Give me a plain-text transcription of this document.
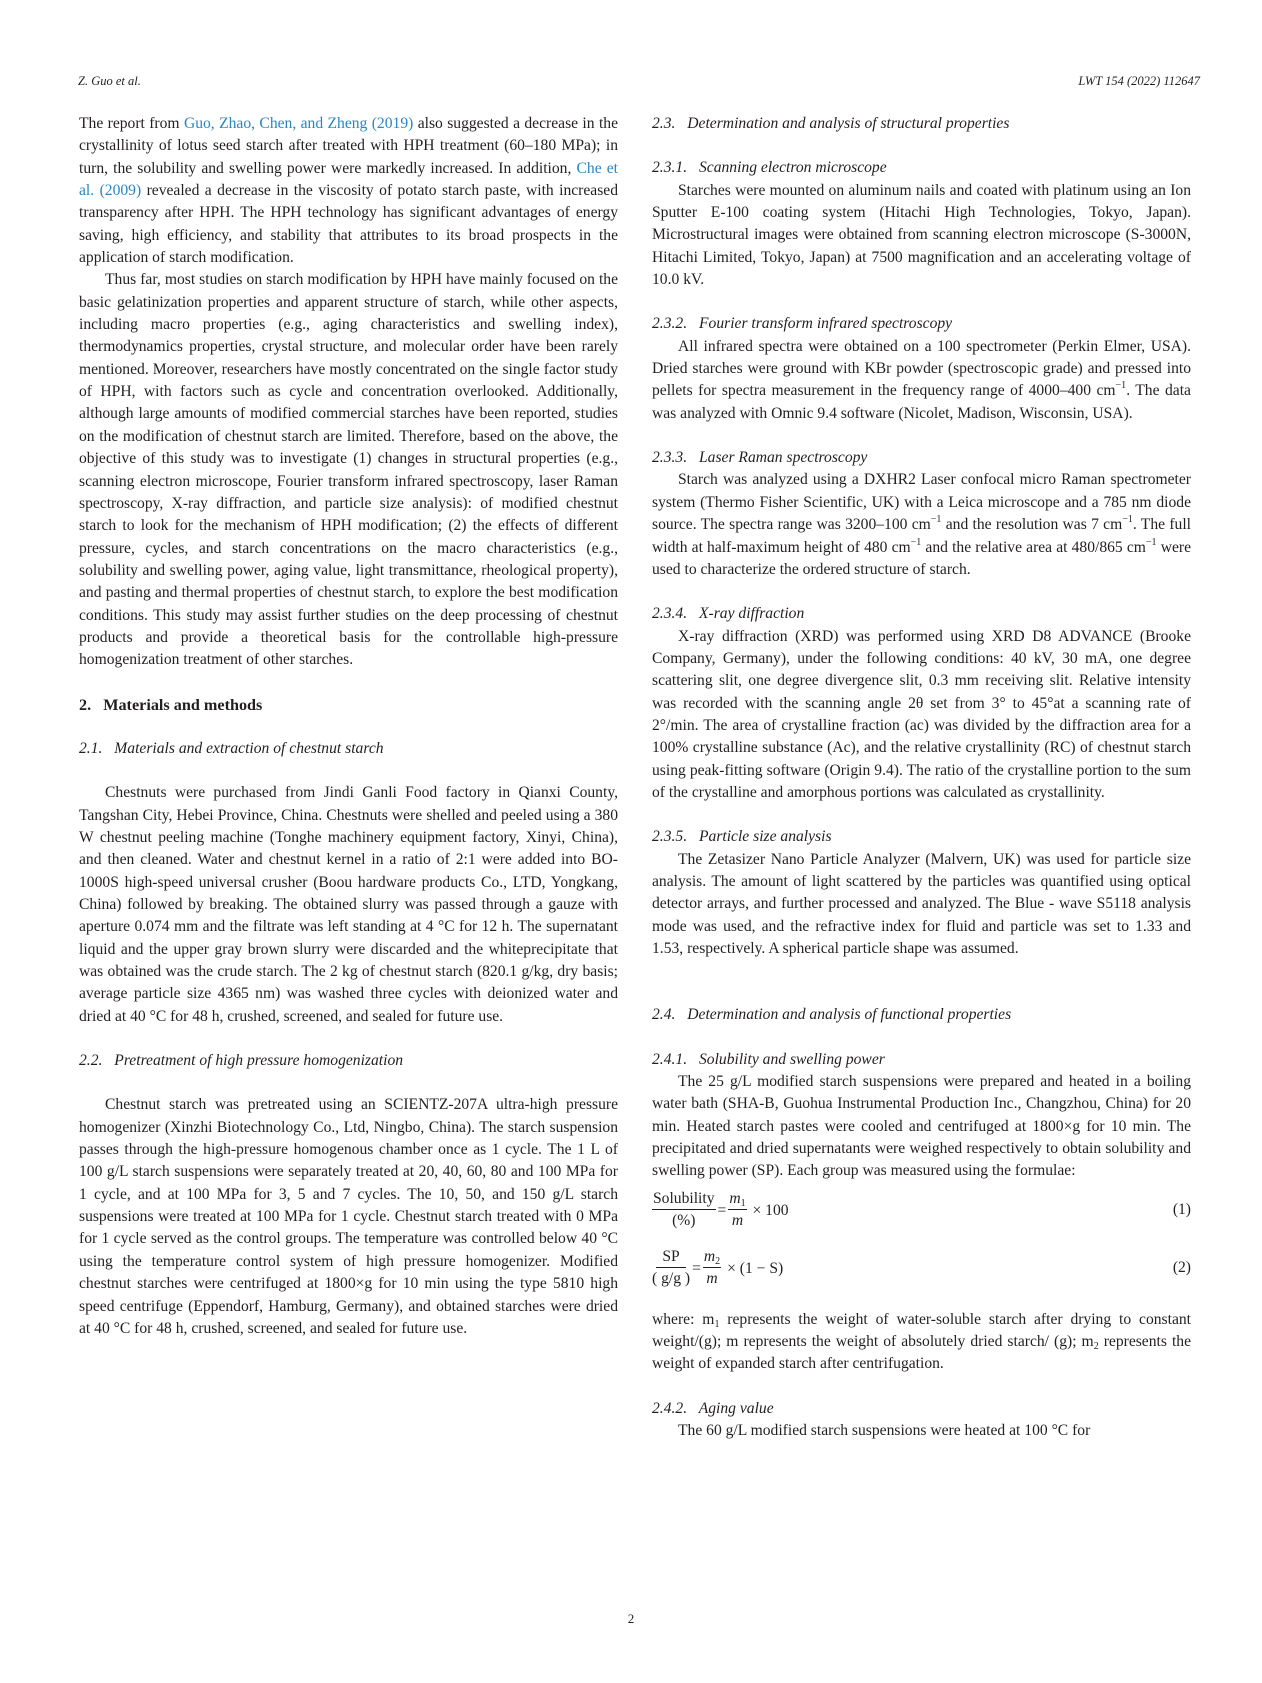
Z. Guo et al.	LWT 154 (2022) 112647

The report from Guo, Zhao, Chen, and Zheng (2019) also suggested a decrease in the crystallinity of lotus seed starch after treated with HPH treatment (60–180 MPa); in turn, the solubility and swelling power were markedly increased. In addition, Che et al. (2009) revealed a decrease in the viscosity of potato starch paste, with increased transparency after HPH. The HPH technology has significant advantages of energy saving, high efficiency, and stability that attributes to its broad prospects in the application of starch modification.

Thus far, most studies on starch modification by HPH have mainly focused on the basic gelatinization properties and apparent structure of starch, while other aspects, including macro properties (e.g., aging characteristics and swelling index), thermodynamics properties, crystal structure, and molecular order have been rarely mentioned. Moreover, researchers have mostly concentrated on the single factor study of HPH, with factors such as cycle and concentration overlooked. Additionally, although large amounts of modified commercial starches have been reported, studies on the modification of chestnut starch are limited. Therefore, based on the above, the objective of this study was to investigate (1) changes in structural properties (e.g., scanning electron microscope, Fourier transform infrared spectroscopy, laser Raman spectroscopy, X-ray diffraction, and particle size analysis): of modified chestnut starch to look for the mechanism of HPH modification; (2) the effects of different pressure, cycles, and starch concentrations on the macro characteristics (e.g., solubility and swelling power, aging value, light transmittance, rheological property), and pasting and thermal properties of chestnut starch, to explore the best modification conditions. This study may assist further studies on the deep processing of chestnut products and provide a theoretical basis for the controllable high-pressure homogenization treatment of other starches.

2. Materials and methods
2.1. Materials and extraction of chestnut starch

Chestnuts were purchased from Jindi Ganli Food factory in Qianxi County, Tangshan City, Hebei Province, China. Chestnuts were shelled and peeled using a 380 W chestnut peeling machine (Tonghe machinery equipment factory, Xinyi, China), and then cleaned. Water and chestnut kernel in a ratio of 2:1 were added into BO-1000S high-speed universal crusher (Boou hardware products Co., LTD, Yongkang, China) followed by breaking. The obtained slurry was passed through a gauze with aperture 0.074 mm and the filtrate was left standing at 4 °C for 12 h. The supernatant liquid and the upper gray brown slurry were discarded and the whiteprecipitate that was obtained was the crude starch. The 2 kg of chestnut starch (820.1 g/kg, dry basis; average particle size 4365 nm) was washed three cycles with deionized water and dried at 40 °C for 48 h, crushed, screened, and sealed for future use.

2.2. Pretreatment of high pressure homogenization

Chestnut starch was pretreated using an SCIENTZ-207A ultra-high pressure homogenizer (Xinzhi Biotechnology Co., Ltd, Ningbo, China). The starch suspension passes through the high-pressure homogenous chamber once as 1 cycle. The 1 L of 100 g/L starch suspensions were separately treated at 20, 40, 60, 80 and 100 MPa for 1 cycle, and at 100 MPa for 3, 5 and 7 cycles. The 10, 50, and 150 g/L starch suspensions were treated at 100 MPa for 1 cycle. Chestnut starch treated with 0 MPa for 1 cycle served as the control groups. The temperature was controlled below 40 °C using the temperature control system of high pressure homogenizer. Modified chestnut starches were centrifuged at 1800×g for 10 min using the type 5810 high speed centrifuge (Eppendorf, Hamburg, Germany), and obtained starches were dried at 40 °C for 48 h, crushed, screened, and sealed for future use.

2.3. Determination and analysis of structural properties
2.3.1. Scanning electron microscope

Starches were mounted on aluminum nails and coated with platinum using an Ion Sputter E-100 coating system (Hitachi High Technologies, Tokyo, Japan). Microstructural images were obtained from scanning electron microscope (S-3000N, Hitachi Limited, Tokyo, Japan) at 7500 magnification and an accelerating voltage of 10.0 kV.

2.3.2. Fourier transform infrared spectroscopy

All infrared spectra were obtained on a 100 spectrometer (Perkin Elmer, USA). Dried starches were ground with KBr powder (spectroscopic grade) and pressed into pellets for spectra measurement in the frequency range of 4000–400 $cm^{-1}$. The data was analyzed with Omnic 9.4 software (Nicolet, Madison, Wisconsin, USA).

2.3.3. Laser Raman spectroscopy

Starch was analyzed using a DXHR2 Laser confocal micro Raman spectrometer system (Thermo Fisher Scientific, UK) with a Leica microscope and a 785 nm diode source. The spectra range was 3200–100 $cm^{-1}$ and the resolution was 7 $cm^{-1}$. The full width at half-maximum height of 480 $cm^{-1}$ and the relative area at 480/865 $cm^{-1}$ were used to characterize the ordered structure of starch.

2.3.4. X-ray diffraction

X-ray diffraction (XRD) was performed using XRD D8 ADVANCE (Brooke Company, Germany), under the following conditions: 40 kV, 30 mA, one degree scattering slit, one degree divergence slit, 0.3 mm receiving slit. Relative intensity was recorded with the scanning angle 2θ set from 3° to 45°at a scanning rate of 2°/min. The area of crystalline fraction (ac) was divided by the diffraction area for a 100% crystalline substance (Ac), and the relative crystallinity (RC) of chestnut starch using peak-fitting software (Origin 9.4). The ratio of the crystalline portion to the sum of the crystalline and amorphous portions was calculated as crystallinity.

2.3.5. Particle size analysis

The Zetasizer Nano Particle Analyzer (Malvern, UK) was used for particle size analysis. The amount of light scattered by the particles was quantified using optical detector arrays, and further processed and analyzed. The Blue - wave S5118 analysis mode was used, and the refractive index for fluid and particle was set to 1.33 and 1.53, respectively. A spherical particle shape was assumed.

2.4. Determination and analysis of functional properties
2.4.1. Solubility and swelling power

The 25 g/L modified starch suspensions were prepared and heated in a boiling water bath (SHA-B, Guohua Instrumental Production Inc., Changzhou, China) for 20 min. Heated starch pastes were cooled and centrifuged at 1800×g for 10 min. The precipitated and dried supernatants were weighed respectively to obtain solubility and swelling power (SP). Each group was measured using the formulae:

$\frac{\text{Solubility}}{(\%)} = \frac{m_1}{m} \times 100$	(1)
$\frac{SP}{( g/g )} = \frac{m_2}{m} \times (1 - S)$	(2)

where: $m_1$ represents the weight of water-soluble starch after drying to constant weight/(g); m represents the weight of absolutely dried starch/ (g); $m_2$ represents the weight of expanded starch after centrifugation.

2.4.2. Aging value

The 60 g/L modified starch suspensions were heated at 100 °C for

2
